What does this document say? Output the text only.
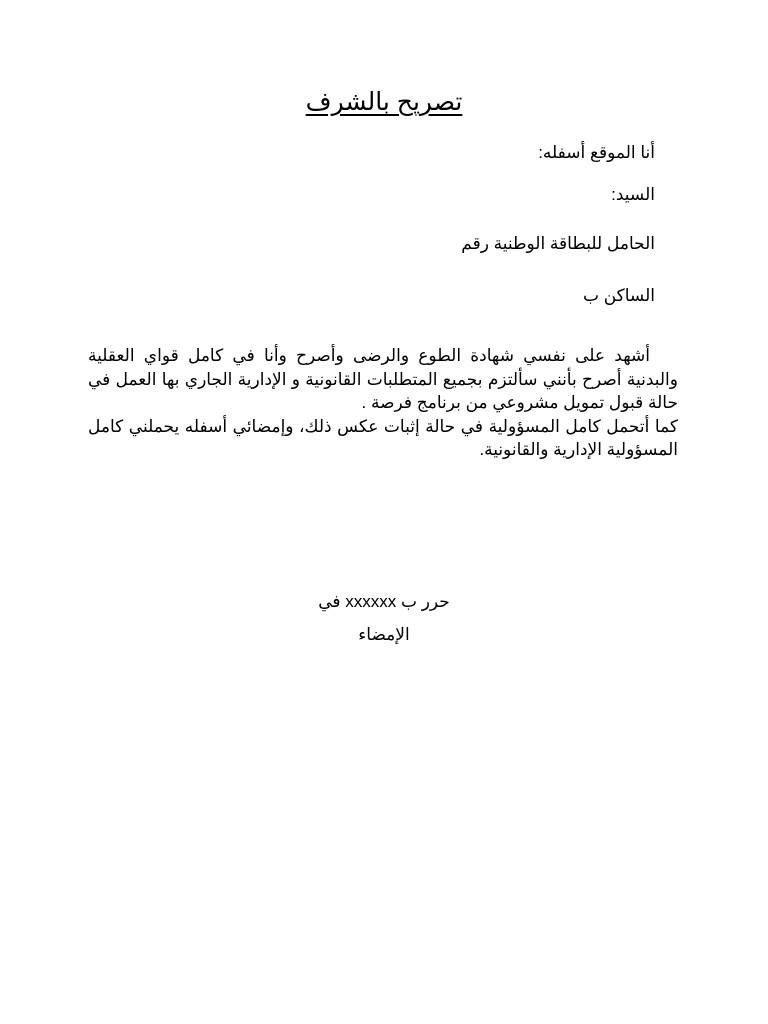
تصريح بالشرف
أنا الموقع أسفله:
السيد:
الحامل للبطاقة الوطنية رقم
الساكن ب

أشهد على نفسي شهادة الطوع والرضى وأصرح وأنا في كامل قواي العقلية والبدنية أصرح بأنني سألتزم بجميع المتطلبات القانونية و الإدارية الجاري بها العمل في حالة قبول تمويل مشروعي من برنامج فرصة .

كما أتحمل كامل المسؤولية في حالة إثبات عكس ذلك، وإمضائي أسفله يحملني كامل المسؤولية الإدارية والقانونية.

حرر ب xxxxxx في
الإمضاء
